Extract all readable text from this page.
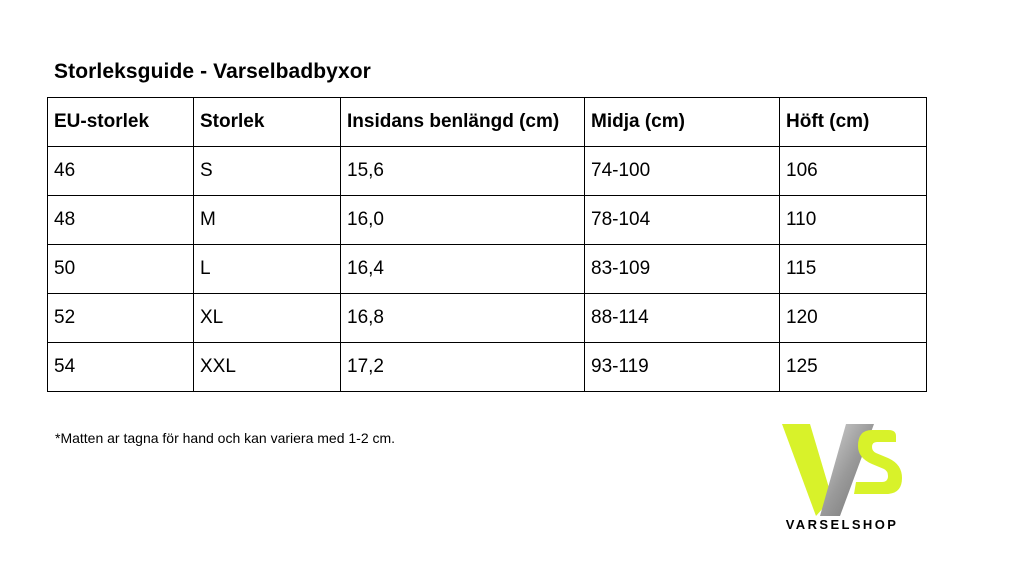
Storleksguide - Varselbadbyxor
EU-storlek	Storlek	Insidans benlängd (cm)	Midja (cm)	Höft (cm)
46	S	15,6	74-100	106
48	M	16,0	78-104	110
50	L	16,4	83-109	115
52	XL	16,8	88-114	120
54	XXL	17,2	93-119	125
*Matten ar tagna för hand och kan variera med 1-2 cm.
VARSELSHOP
